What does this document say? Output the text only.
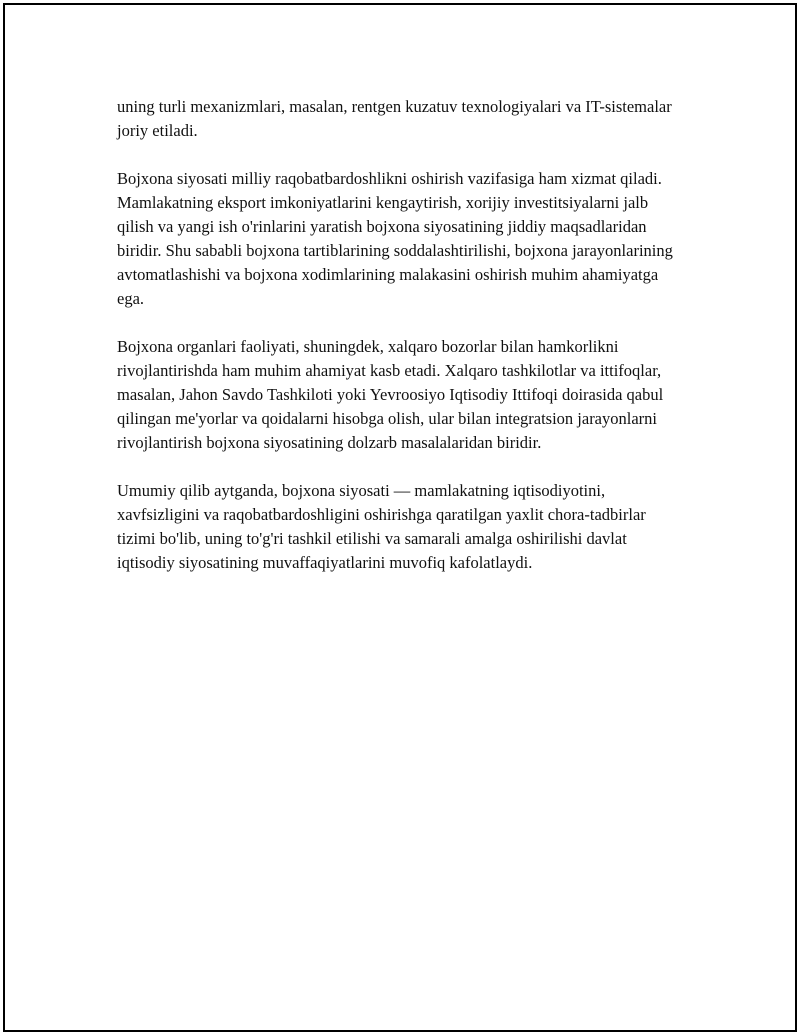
uning turli mexanizmlari, masalan, rentgen kuzatuv texnologiyalari va IT-sistemalar joriy etiladi.

Bojxona siyosati milliy raqobatbardoshlikni oshirish vazifasiga ham xizmat qiladi. Mamlakatning eksport imkoniyatlarini kengaytirish, xorijiy investitsiyalarni jalb qilish va yangi ish o'rinlarini yaratish bojxona siyosatining jiddiy maqsadlaridan biridir. Shu sababli bojxona tartiblarining soddalashtirilishi, bojxona jarayonlarining avtomatlashishi va bojxona xodimlarining malakasini oshirish muhim ahamiyatga ega.

Bojxona organlari faoliyati, shuningdek, xalqaro bozorlar bilan hamkorlikni rivojlantirishda ham muhim ahamiyat kasb etadi. Xalqaro tashkilotlar va ittifoqlar, masalan, Jahon Savdo Tashkiloti yoki Yevroosiyo Iqtisodiy Ittifoqi doirasida qabul qilingan me'yorlar va qoidalarni hisobga olish, ular bilan integratsion jarayonlarni rivojlantirish bojxona siyosatining dolzarb masalalaridan biridir.

Umumiy qilib aytganda, bojxona siyosati — mamlakatning iqtisodiyotini, xavfsizligini va raqobatbardoshligini oshirishga qaratilgan yaxlit chora-tadbirlar tizimi bo'lib, uning to'g'ri tashkil etilishi va samarali amalga oshirilishi davlat iqtisodiy siyosatining muvaffaqiyatlarini muvofiq kafolatlaydi.
